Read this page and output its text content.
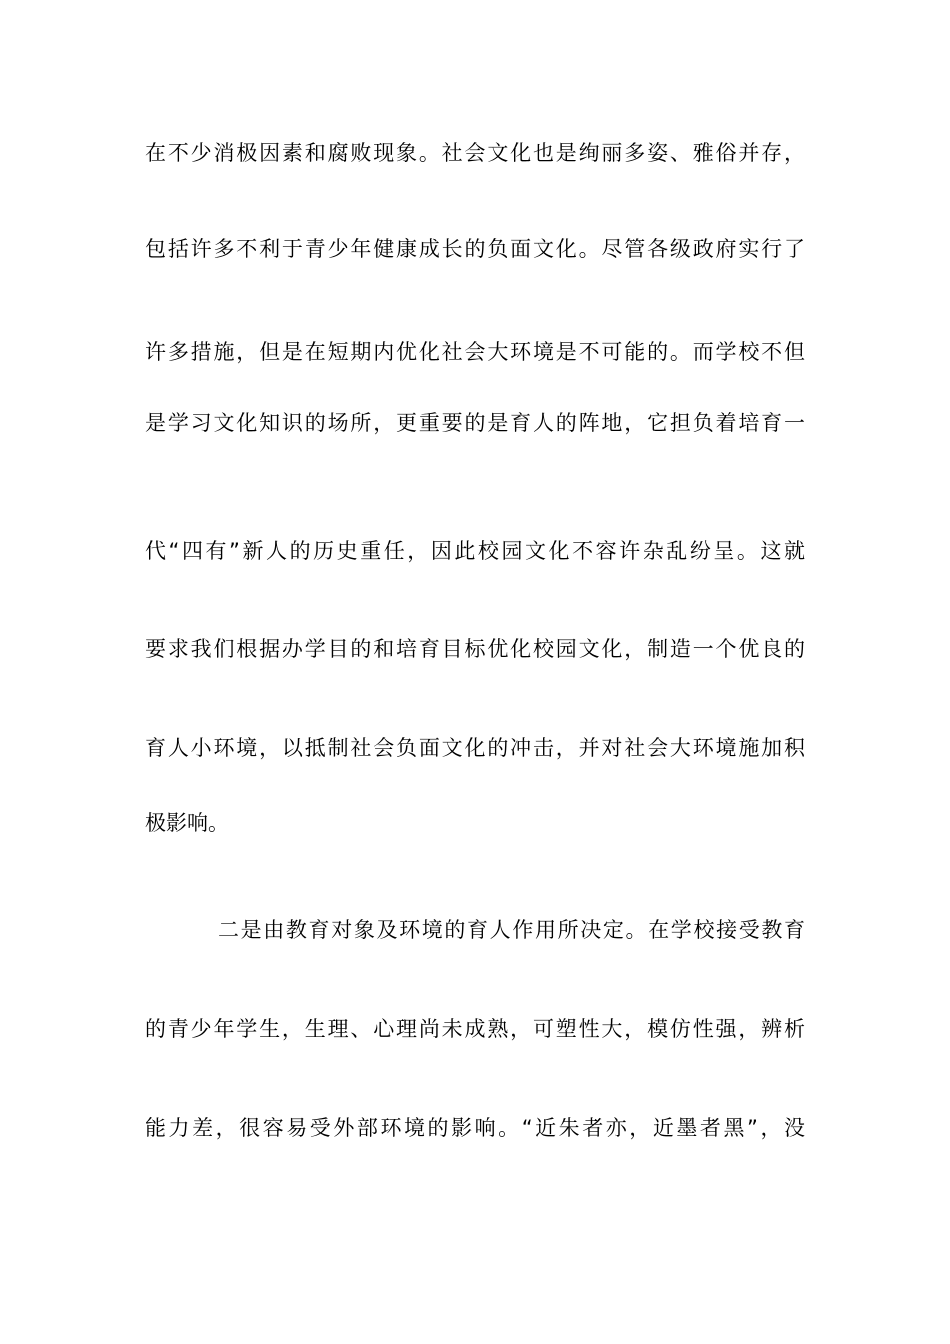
在不少消极因素和腐败现象。社会文化也是绚丽多姿、雅俗并存，
包括许多不利于青少年健康成长的负面文化。尽管各级政府实行了
许多措施，但是在短期内优化社会大环境是不可能的。而学校不但
是学习文化知识的场所，更重要的是育人的阵地，它担负着培育一
代“四有”新人的历史重任，因此校园文化不容许杂乱纷呈。这就
要求我们根据办学目的和培育目标优化校园文化，制造一个优良的
育人小环境，以抵制社会负面文化的冲击，并对社会大环境施加积
极影响。
二是由教育对象及环境的育人作用所决定。在学校接受教育
的青少年学生，生理、心理尚未成熟，可塑性大，模仿性强，辨析
能力差，很容易受外部环境的影响。“近朱者亦，近墨者黑”，没
